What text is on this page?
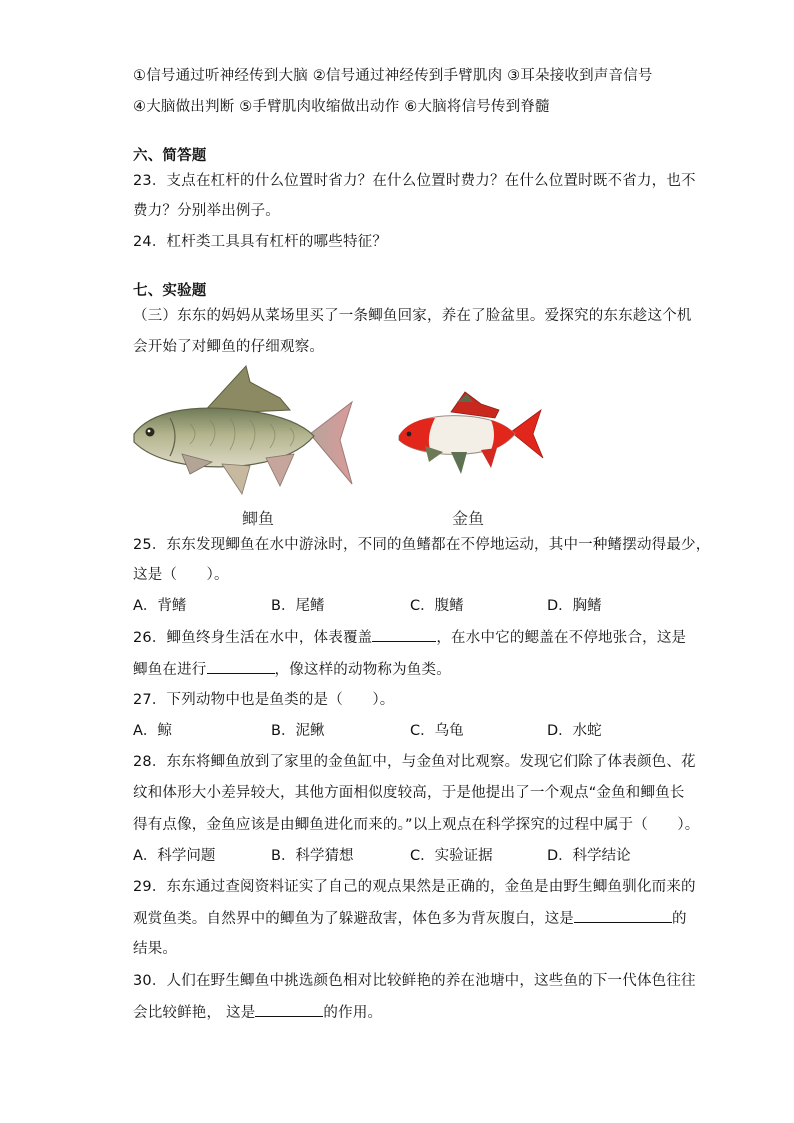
①信号通过听神经传到大脑 ②信号通过神经传到手臂肌肉 ③耳朵接收到声音信号
④大脑做出判断 ⑤手臂肌肉收缩做出动作 ⑥大脑将信号传到脊髓
六、简答题
23．支点在杠杆的什么位置时省力？在什么位置时费力？在什么位置时既不省力，也不
费力？分别举出例子。
24．杠杆类工具具有杠杆的哪些特征？
七、实验题
（三）东东的妈妈从菜场里买了一条鲫鱼回家，养在了脸盆里。爱探究的东东趁这个机
会开始了对鲫鱼的仔细观察。
鲫鱼	金鱼
25．东东发现鲫鱼在水中游泳时，不同的鱼鳍都在不停地运动，其中一种鳍摆动得最少，
这是（　　）。
A．背鳍	B．尾鳍	C．腹鳍	D．胸鳍
26．鲫鱼终身生活在水中，体表覆盖	，在水中它的鳃盖在不停地张合，这是
鲫鱼在进行	，像这样的动物称为鱼类。
27．下列动物中也是鱼类的是（　　）。
A．鲸	B．泥鳅	C．乌龟	D．水蛇
28．东东将鲫鱼放到了家里的金鱼缸中，与金鱼对比观察。发现它们除了体表颜色、花
纹和体形大小差异较大，其他方面相似度较高，于是他提出了一个观点“金鱼和鲫鱼长
得有点像，金鱼应该是由鲫鱼进化而来的。”以上观点在科学探究的过程中属于（　　）。
A．科学问题	B．科学猜想	C．实验证据	D．科学结论
29．东东通过查阅资料证实了自己的观点果然是正确的，金鱼是由野生鲫鱼驯化而来的
观赏鱼类。自然界中的鲫鱼为了躲避敌害，体色多为背灰腹白，这是	的
结果。
30．人们在野生鲫鱼中挑选颜色相对比较鲜艳的养在池塘中，这些鱼的下一代体色往往
会比较鲜艳， 这是	的作用。
